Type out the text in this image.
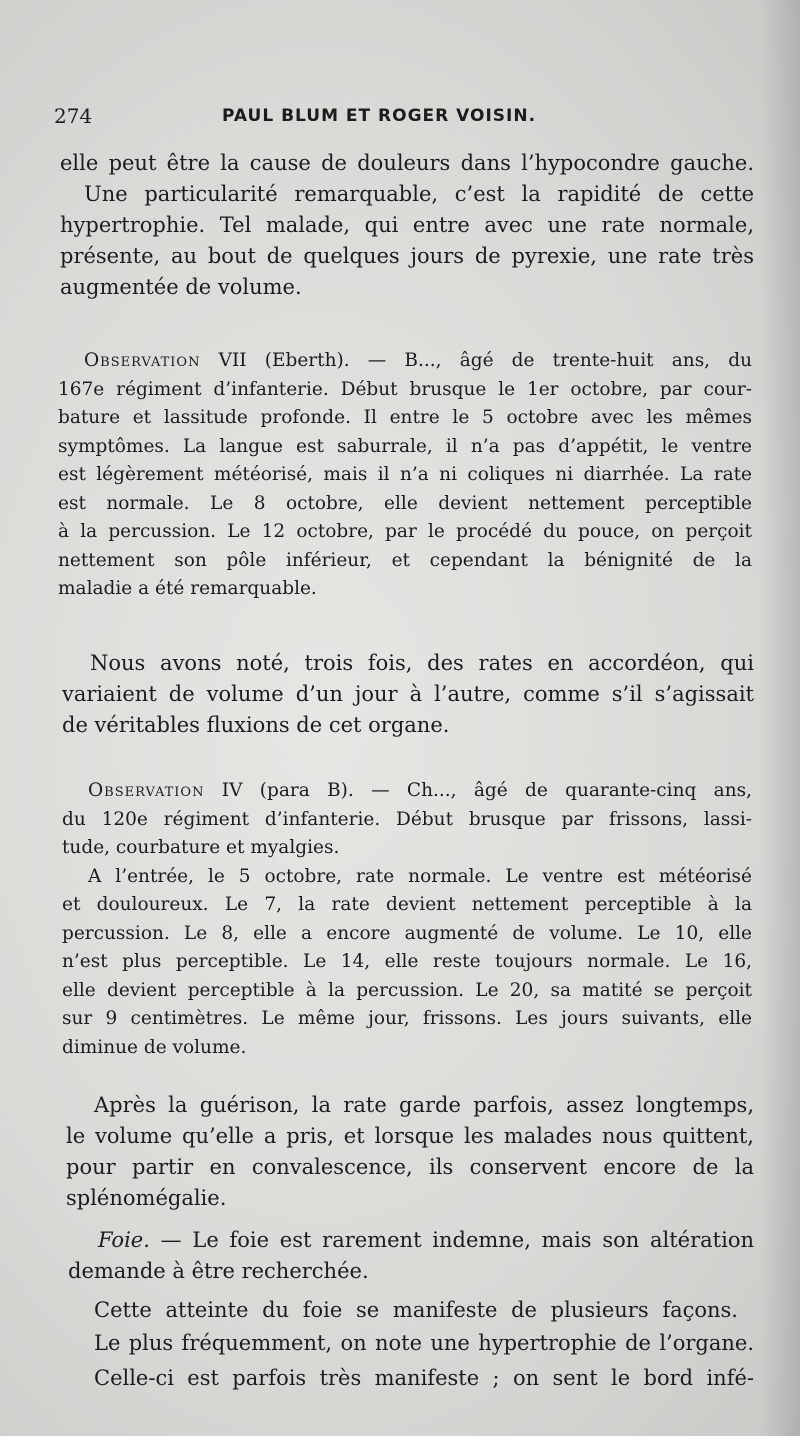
274	PAUL BLUM ET ROGER VOISIN.
elle peut être la cause de douleurs dans l’hypocondre gauche.
Une particularité remarquable, c’est la rapidité de cette
hypertrophie. Tel malade, qui entre avec une rate normale,
présente, au bout de quelques jours de pyrexie, une rate très
augmentée de volume.
Observation VII (Eberth). — B..., âgé de trente-huit ans, du
167e régiment d’infanterie. Début brusque le 1er octobre, par cour-
bature et lassitude profonde. Il entre le 5 octobre avec les mêmes
symptômes. La langue est saburrale, il n’a pas d’appétit, le ventre
est légèrement météorisé, mais il n’a ni coliques ni diarrhée. La rate
est normale. Le 8 octobre, elle devient nettement perceptible
à la percussion. Le 12 octobre, par le procédé du pouce, on perçoit
nettement son pôle inférieur, et cependant la bénignité de la
maladie a été remarquable.
Nous avons noté, trois fois, des rates en accordéon, qui
variaient de volume d’un jour à l’autre, comme s’il s’agissait
de véritables fluxions de cet organe.
Observation IV (para B). — Ch..., âgé de quarante-cinq ans,
du 120e régiment d’infanterie. Début brusque par frissons, lassi-
tude, courbature et myalgies.
A l’entrée, le 5 octobre, rate normale. Le ventre est météorisé
et douloureux. Le 7, la rate devient nettement perceptible à la
percussion. Le 8, elle a encore augmenté de volume. Le 10, elle
n’est plus perceptible. Le 14, elle reste toujours normale. Le 16,
elle devient perceptible à la percussion. Le 20, sa matité se perçoit
sur 9 centimètres. Le même jour, frissons. Les jours suivants, elle
diminue de volume.
Après la guérison, la rate garde parfois, assez longtemps,
le volume qu’elle a pris, et lorsque les malades nous quittent,
pour partir en convalescence, ils conservent encore de la
splénomégalie.
Foie. — Le foie est rarement indemne, mais son altération
demande à être recherchée.
Cette atteinte du foie se manifeste de plusieurs façons.
Le plus fréquemment, on note une hypertrophie de l’organe.
Celle-ci est parfois très manifeste ; on sent le bord infé-
